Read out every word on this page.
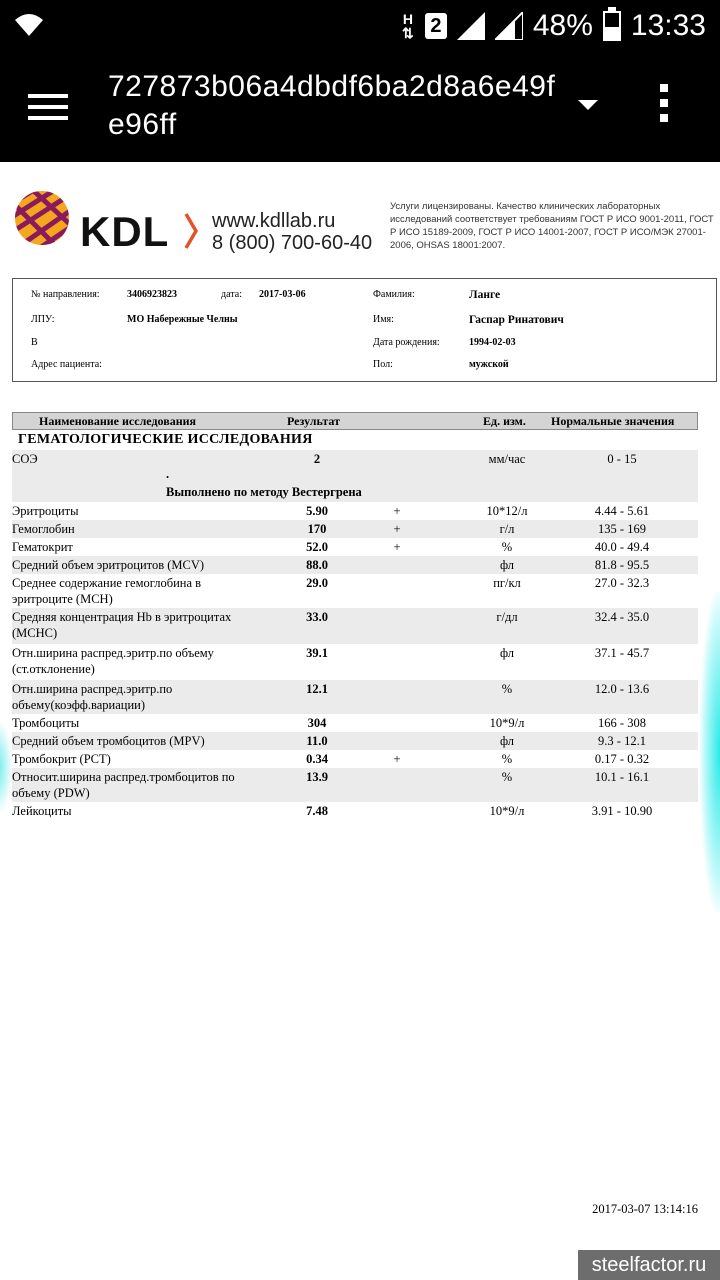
H
⇅ 2	48% 13:33
727873b06a4dbdf6ba2d8a6e49fe96ff
KDL www.kdllab.ru
8 (800) 700-60-40
Услуги лицензированы. Качество клинических лабораторных исследований соответствует требованиям ГОСТ Р ИСО 9001-2011, ГОСТ Р ИСО 15189-2009, ГОСТ Р ИСО 14001-2007, ГОСТ Р ИСО/МЭК 27001-2006, OHSAS 18001:2007.
№ направления:	3406923823	дата: 2017-03-06	Фамилия:	Ланге
ЛПУ:	МО Набережные Челны	Имя:	Гаспар Ринатович
В	Дата рождения:	1994-02-03
Адрес пациента:	Пол:	мужской
Наименование исследования	Результат	Ед. изм. Нормальные значения
ГЕМАТОЛОГИЧЕСКИЕ ИССЛЕДОВАНИЯ
СОЭ	2	мм/час	0 - 15
.
Выполнено по методу Вестергрена
Эритроциты	5.90	+	10*12/л	4.44 - 5.61
Гемоглобин	170	+	г/л	135 - 169
Гематокрит	52.0	+	%	40.0 - 49.4
Средний объем эритроцитов (MCV)	88.0	фл	81.8 - 95.5
Среднее содержание гемоглобина в эритроците (MCH)
29.0	пг/кл	27.0 - 32.3
Средняя концентрация Hb в эритроцитах (MCHC)
33.0	г/дл	32.4 - 35.0
Отн.ширина распред.эритр.по объему (ст.отклонение)
39.1	фл	37.1 - 45.7
Отн.ширина распред.эритр.по объему(коэфф.вариации)
12.1	%	12.0 - 13.6
Тромбоциты	304	10*9/л	166 - 308
Средний объем тромбоцитов (MPV)	11.0	фл	9.3 - 12.1
Тромбокрит (PCT)	0.34	+	%	0.17 - 0.32
Относит.ширина распред.тромбоцитов по объему (PDW)
13.9	%	10.1 - 16.1
Лейкоциты	7.48	10*9/л	3.91 - 10.90
2017-03-07 13:14:16
steelfactor.ru
